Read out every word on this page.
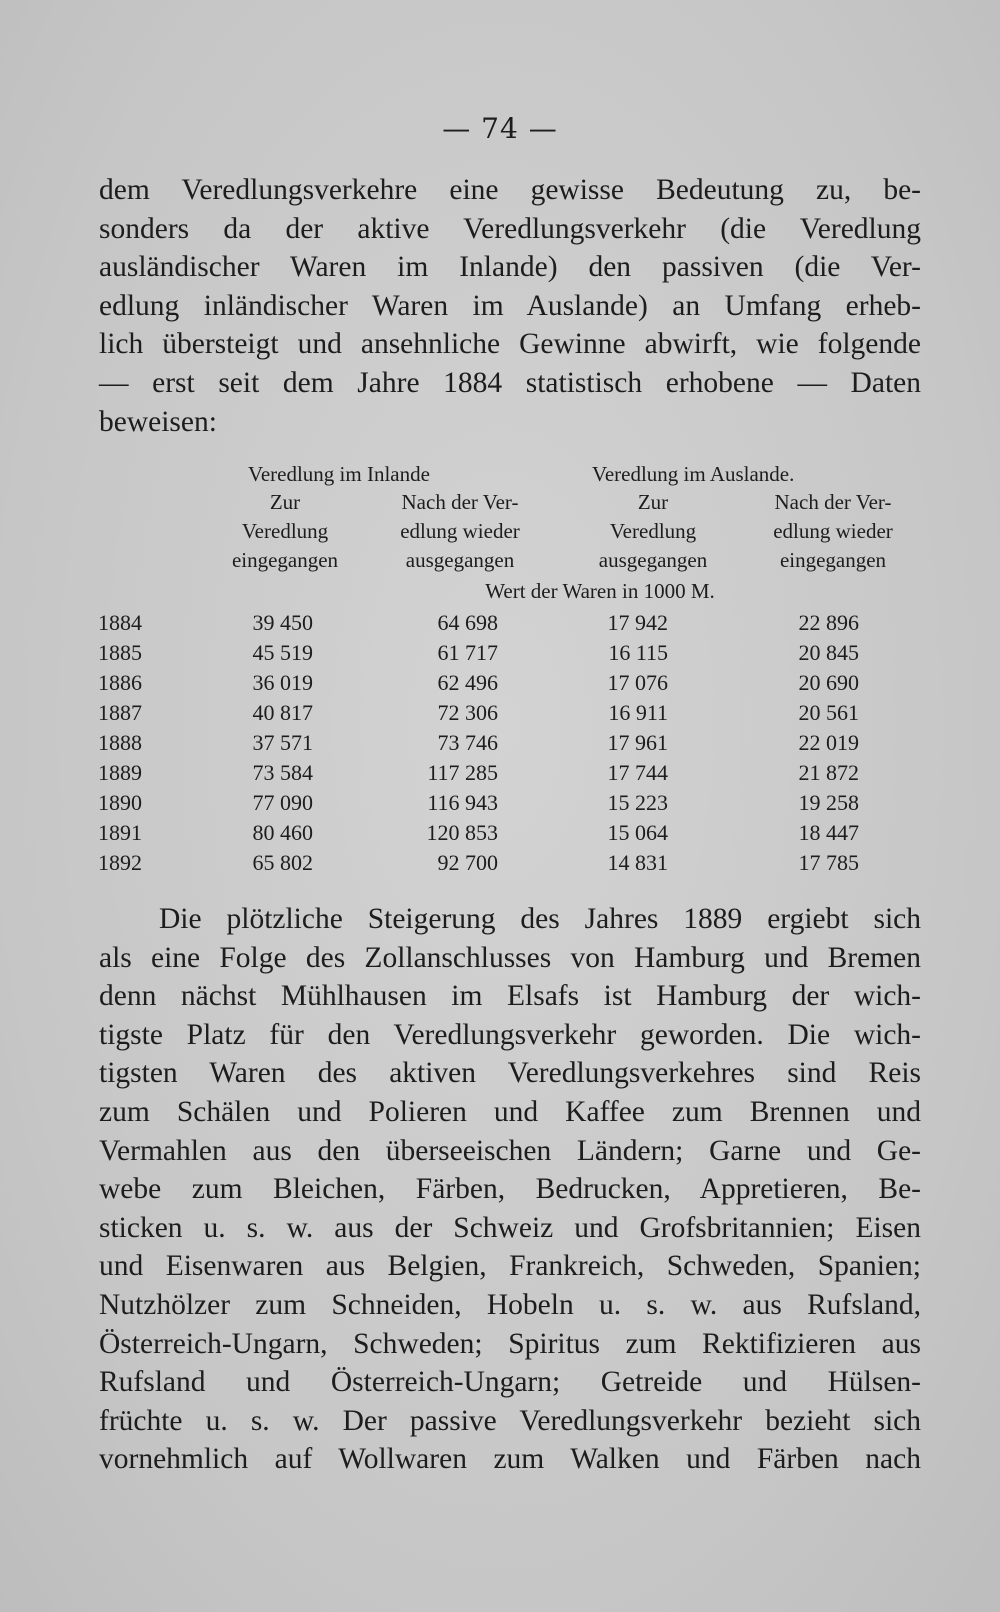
— 74 —
dem Veredlungsverkehre eine gewisse Bedeutung zu, be-
sonders da der aktive Veredlungsverkehr (die Veredlung
ausländischer Waren im Inlande) den passiven (die Ver-
edlung inländischer Waren im Auslande) an Umfang erheb-
lich übersteigt und ansehnliche Gewinne abwirft, wie folgende
— erst seit dem Jahre 1884 statistisch erhobene — Daten
beweisen:
Veredlung im Inlande	Veredlung im Auslande.
Zur
Veredlung
eingegangen
Nach der Ver-
edlung wieder
ausgegangen
Zur
Veredlung
ausgegangen
Nach der Ver-
edlung wieder
eingegangen
Wert der Waren in 1000 M.
1884	39 450	64 698	17 942	22 896
1885	45 519	61 717	16 115	20 845
1886	36 019	62 496	17 076	20 690
1887	40 817	72 306	16 911	20 561
1888	37 571	73 746	17 961	22 019
1889	73 584	117 285	17 744	21 872
1890	77 090	116 943	15 223	19 258
1891	80 460	120 853	15 064	18 447
1892	65 802	92 700	14 831	17 785
Die plötzliche Steigerung des Jahres 1889 ergiebt sich
als eine Folge des Zollanschlusses von Hamburg und Bremen
denn nächst Mühlhausen im Elsafs ist Hamburg der wich-
tigste Platz für den Veredlungsverkehr geworden. Die wich-
tigsten Waren des aktiven Veredlungsverkehres sind Reis
zum Schälen und Polieren und Kaffee zum Brennen und
Vermahlen aus den überseeischen Ländern; Garne und Ge-
webe zum Bleichen, Färben, Bedrucken, Appretieren, Be-
sticken u. s. w. aus der Schweiz und Grofsbritannien; Eisen
und Eisenwaren aus Belgien, Frankreich, Schweden, Spanien;
Nutzhölzer zum Schneiden, Hobeln u. s. w. aus Rufsland,
Österreich-Ungarn, Schweden; Spiritus zum Rektifizieren aus
Rufsland und Österreich-Ungarn; Getreide und Hülsen-
früchte u. s. w. Der passive Veredlungsverkehr bezieht sich
vornehmlich auf Wollwaren zum Walken und Färben nach
